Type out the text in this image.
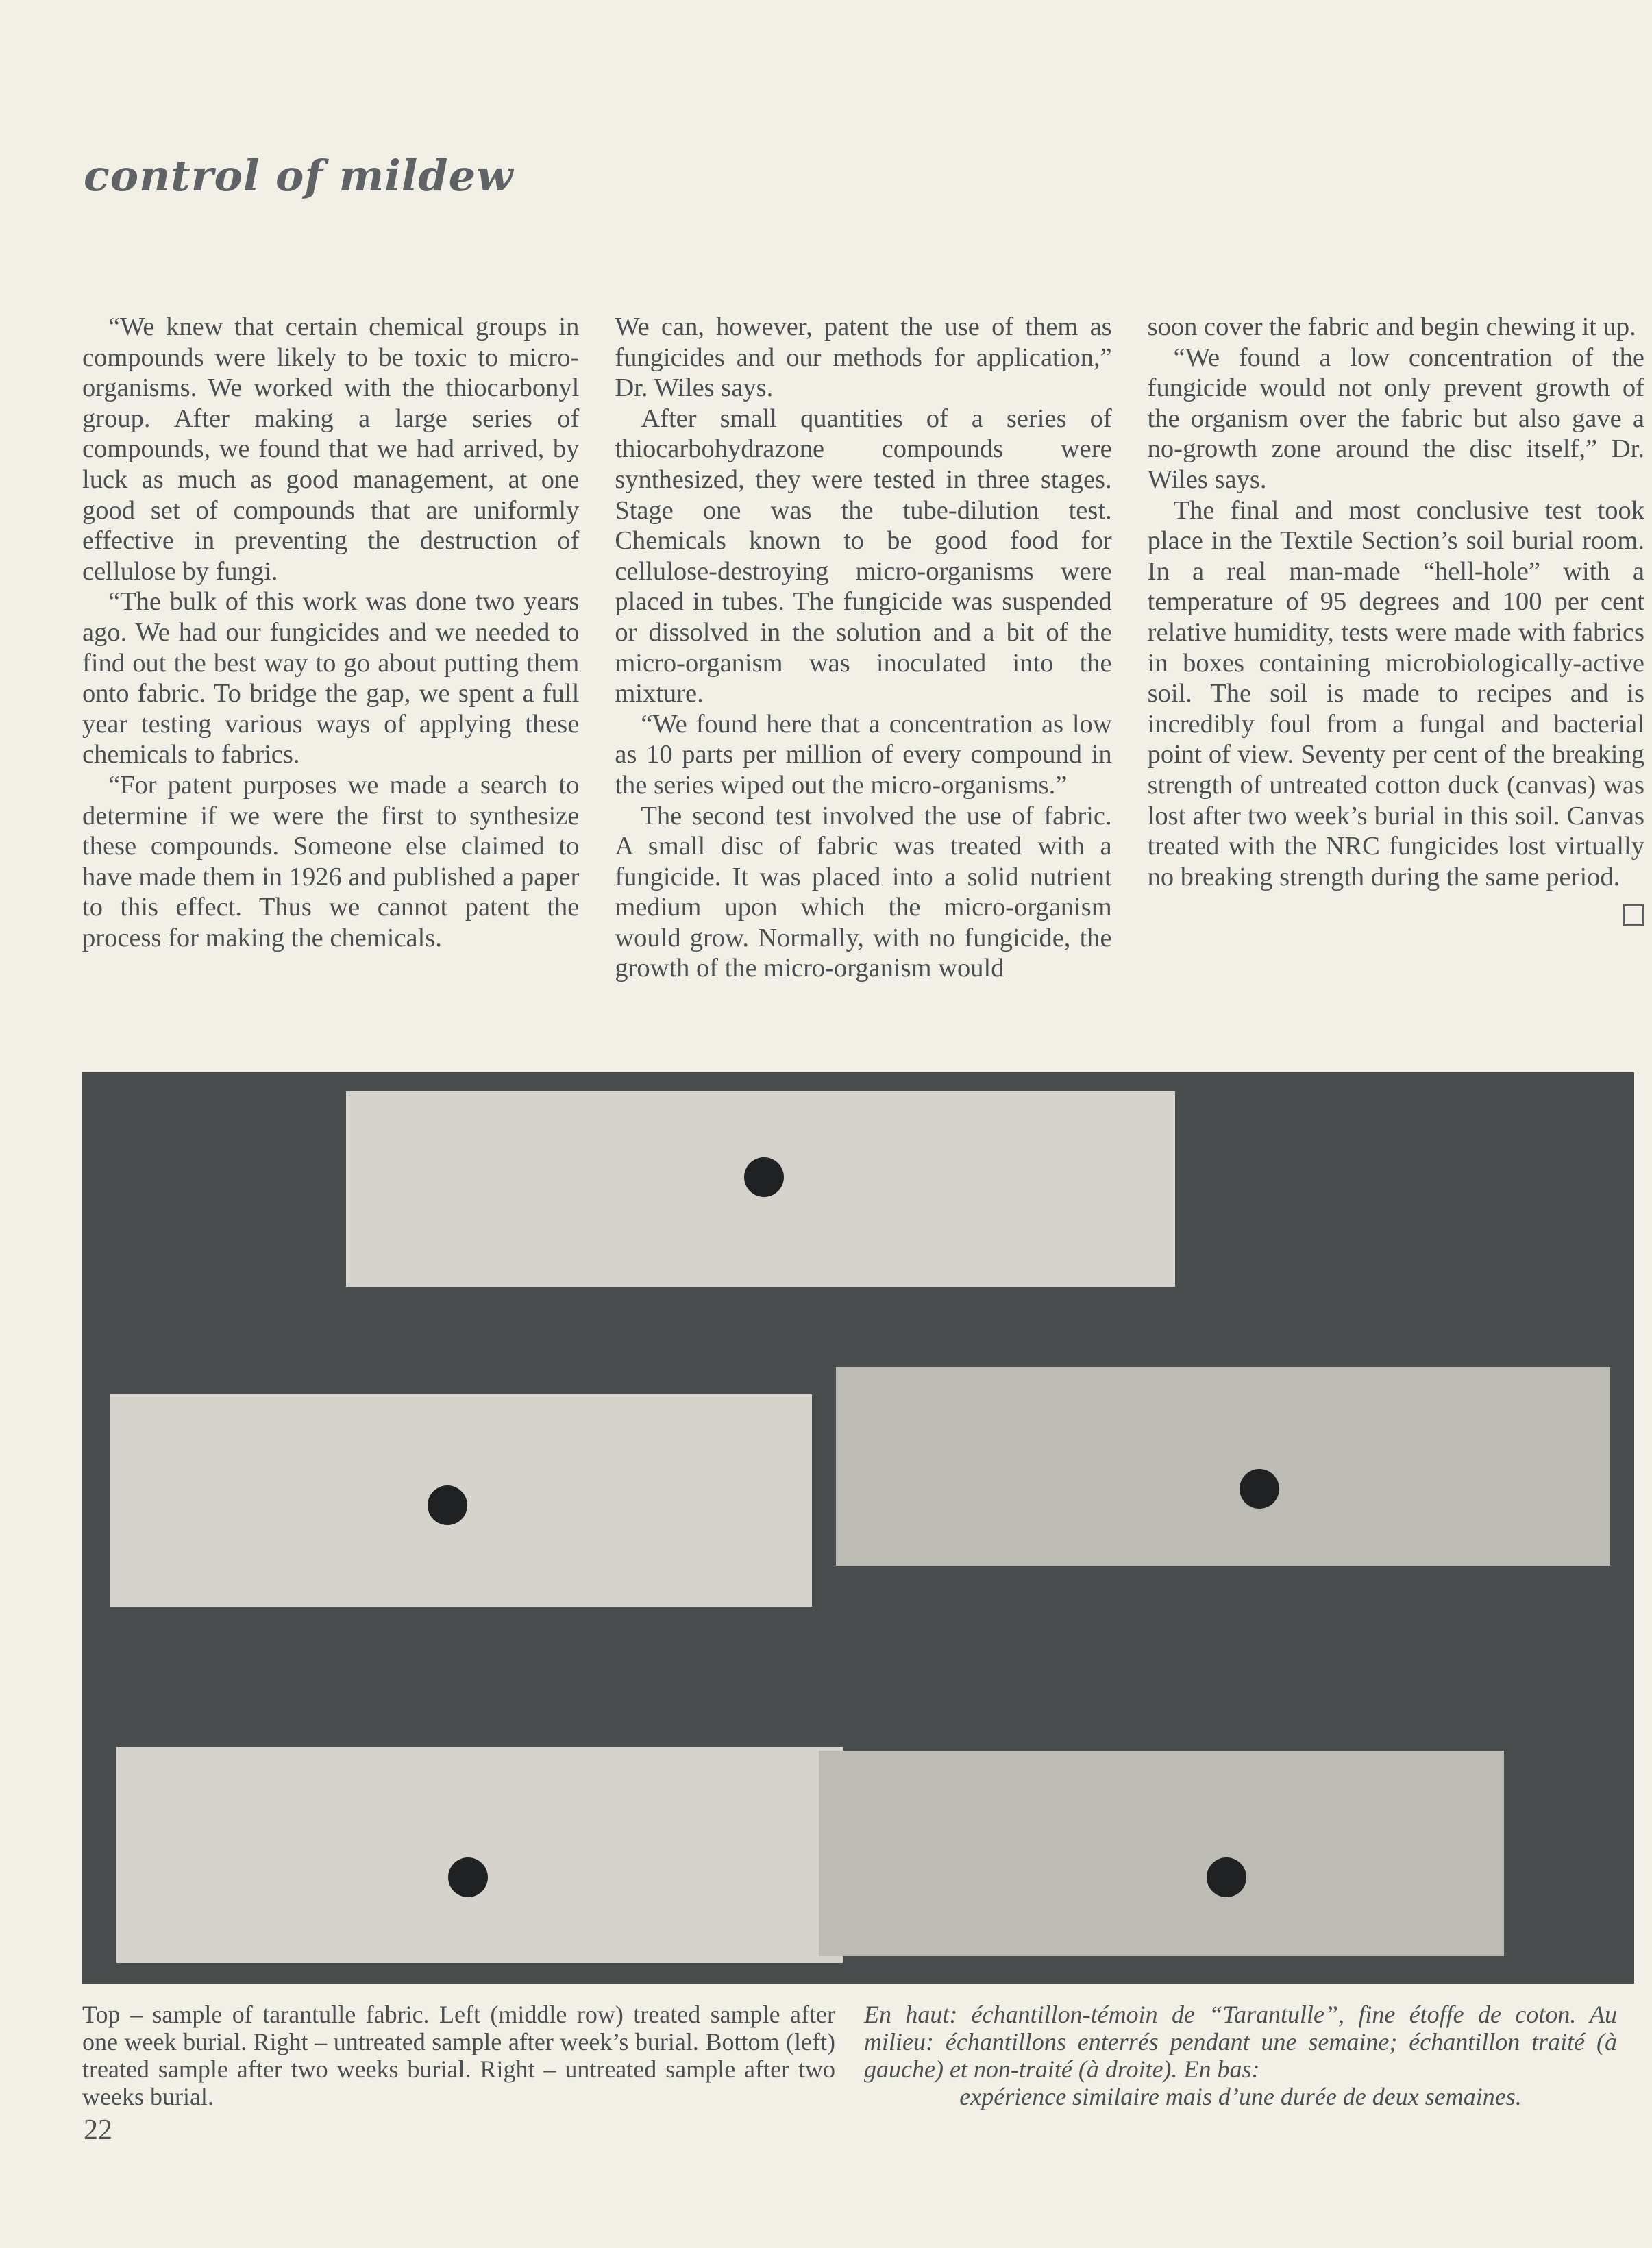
control of mildew

“We knew that certain chemical groups in compounds were likely to be toxic to micro-organisms. We worked with the thiocarbonyl group. After making a large series of compounds, we found that we had arrived, by luck as much as good management, at one good set of compounds that are uniformly effective in preventing the destruction of cellulose by fungi.

“The bulk of this work was done two years ago. We had our fungicides and we needed to find out the best way to go about putting them onto fabric. To bridge the gap, we spent a full year testing various ways of applying these chemicals to fabrics.

“For patent purposes we made a search to determine if we were the first to synthesize these compounds. Someone else claimed to have made them in 1926 and published a paper to this effect. Thus we cannot patent the process for making the chemicals.

We can, however, patent the use of them as fungicides and our methods for application,” Dr. Wiles says.

After small quantities of a series of thiocarbohydrazone compounds were synthesized, they were tested in three stages. Stage one was the tube-dilution test. Chemicals known to be good food for cellulose-destroying micro-organisms were placed in tubes. The fungicide was suspended or dissolved in the solution and a bit of the micro-organism was inoculated into the mixture.

“We found here that a concentration as low as 10 parts per million of every compound in the series wiped out the micro-organisms.”

The second test involved the use of fabric. A small disc of fabric was treated with a fungicide. It was placed into a solid nutrient medium upon which the micro-organism would grow. Normally, with no fungicide, the growth of the micro-organism would

soon cover the fabric and begin chewing it up.

“We found a low concentration of the fungicide would not only prevent growth of the organism over the fabric but also gave a no-growth zone around the disc itself,” Dr. Wiles says.

The final and most conclusive test took place in the Textile Section’s soil burial room. In a real man-made “hell-hole” with a temperature of 95 degrees and 100 per cent relative humidity, tests were made with fabrics in boxes containing microbiologically-active soil. The soil is made to recipes and is incredibly foul from a fungal and bacterial point of view. Seventy per cent of the breaking strength of untreated cotton duck (canvas) was lost after two week’s burial in this soil. Canvas treated with the NRC fungicides lost virtually no breaking strength during the same period.

Top – sample of tarantulle fabric. Left (middle row) treated sample after one week burial. Right – untreated sample after week’s burial. Bottom (left) treated sample after two weeks burial. Right – untreated sample after two weeks burial.
En haut: échantillon-témoin de “Tarantulle”, fine étoffe de coton. Au milieu: échantillons enterrés pendant une semaine; échantillon traité (à gauche) et non-traité (à droite). En bas:
expérience similaire mais d’une durée de deux semaines.
22
